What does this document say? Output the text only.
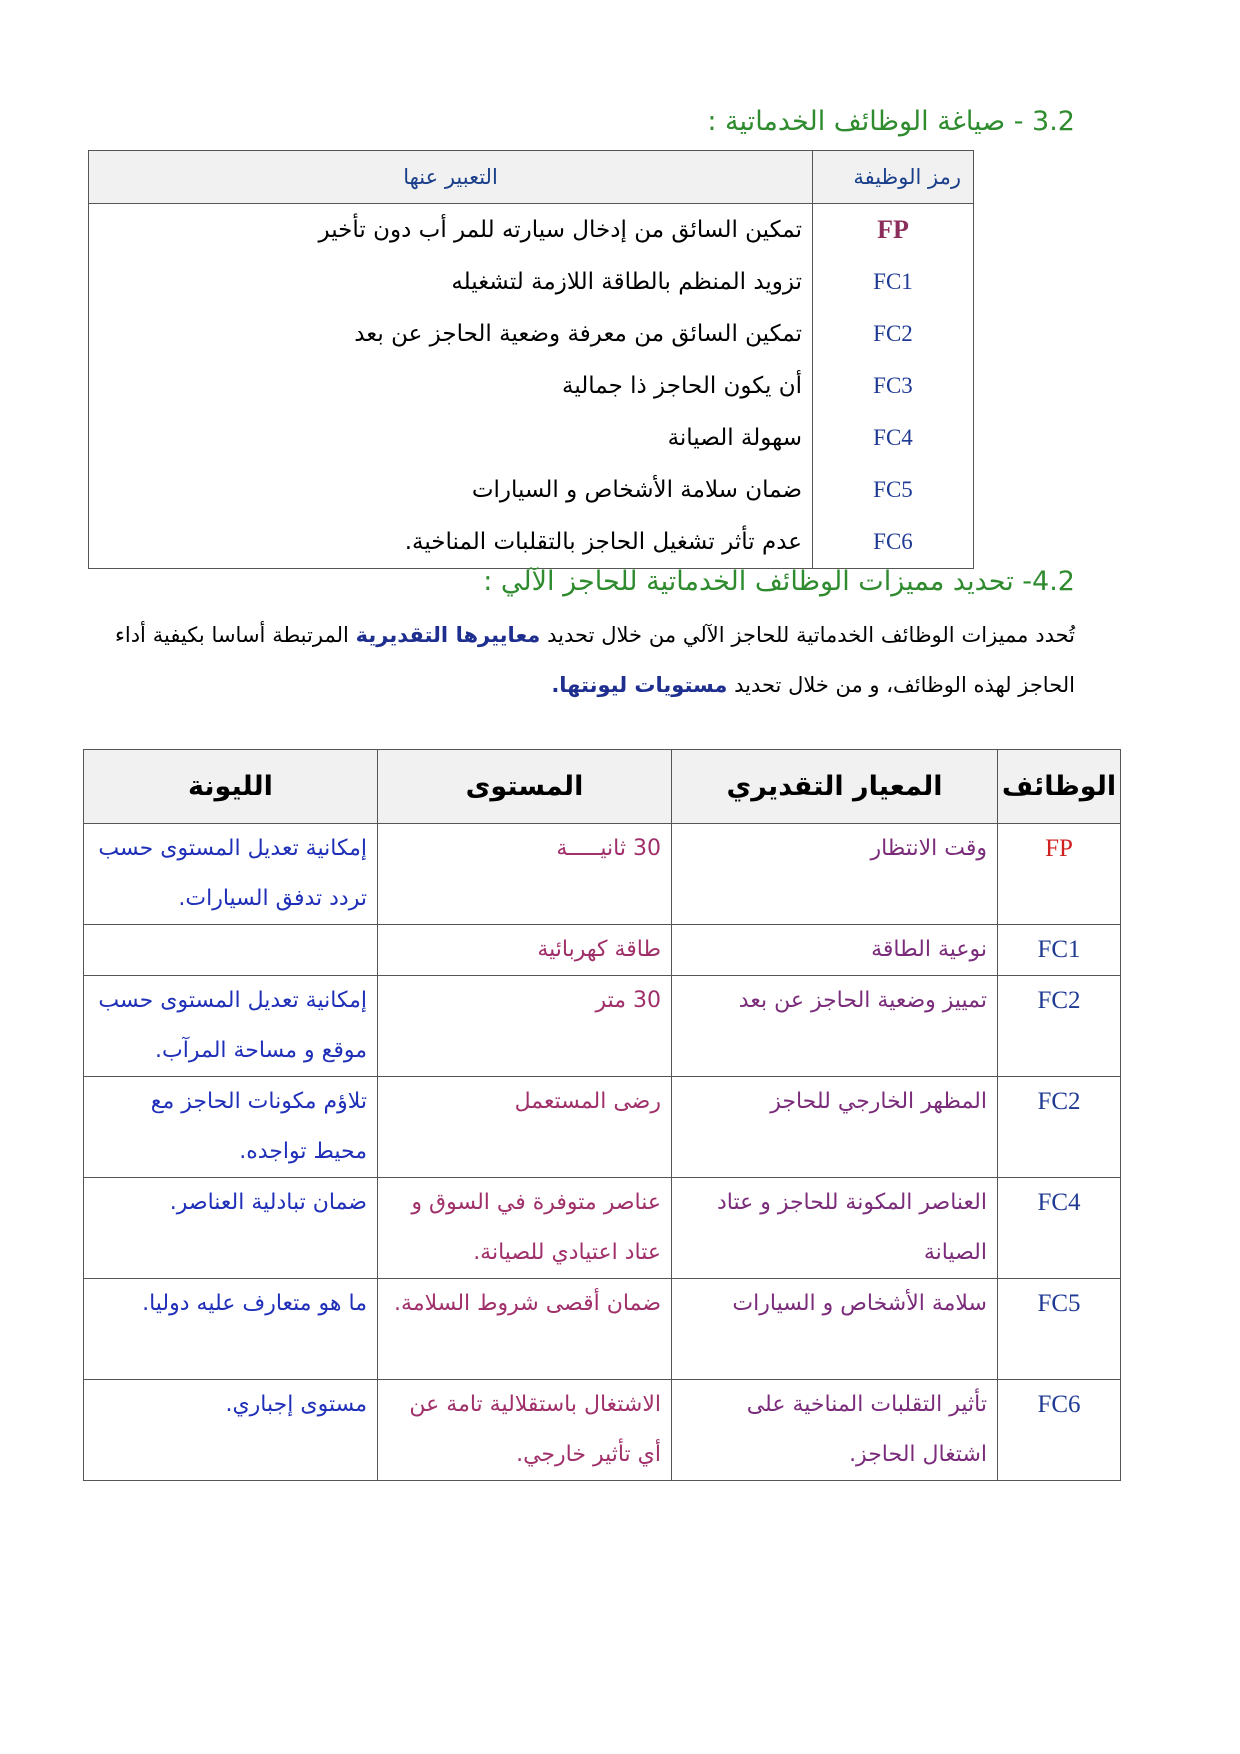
3.2 - صياغة الوظائف الخدماتية :
رمز الوظيفة	التعبير عنها
FP	تمكين السائق من إدخال سيارته للمر أب دون تأخير
FC1	تزويد المنظم بالطاقة اللازمة لتشغيله
FC2	تمكين السائق من معرفة وضعية الحاجز عن بعد
FC3	أن يكون الحاجز ذا جمالية
FC4	سهولة الصيانة
FC5	ضمان سلامة الأشخاص و السيارات
FC6	عدم تأثر تشغيل الحاجز بالتقلبات المناخية.
4.2- تحديد مميزات الوظائف الخدماتية للحاجز الآلي :
تُحدد مميزات الوظائف الخدماتية للحاجز الآلي من خلال تحديد معاييرها التقديرية المرتبطة أساسا بكيفية أداء الحاجز لهذه الوظائف، و من خلال تحديد مستويات ليونتها.
الوظائف	المعيار التقديري	المستوى	الليونة
FP	وقت الانتظار	30 ثانيـــــة	إمكانية تعديل المستوى حسب تردد تدفق السيارات.
FC1	نوعية الطاقة	طاقة كهربائية	
FC2	تمييز وضعية الحاجز عن بعد	30 متر	إمكانية تعديل المستوى حسب موقع و مساحة المرآب.
FC2	المظهر الخارجي للحاجز	رضى المستعمل	تلاؤم مكونات الحاجز مع محيط تواجده.
FC4	العناصر المكونة للحاجز و عتاد الصيانة	عناصر متوفرة في السوق و عتاد اعتيادي للصيانة.	ضمان تبادلية العناصر.
FC5	سلامة الأشخاص و السيارات	ضمان أقصى شروط السلامة.	ما هو متعارف عليه دوليا.
FC6	تأثير التقلبات المناخية على اشتغال الحاجز.	الاشتغال باستقلالية تامة عن أي تأثير خارجي.	مستوى إجباري.
